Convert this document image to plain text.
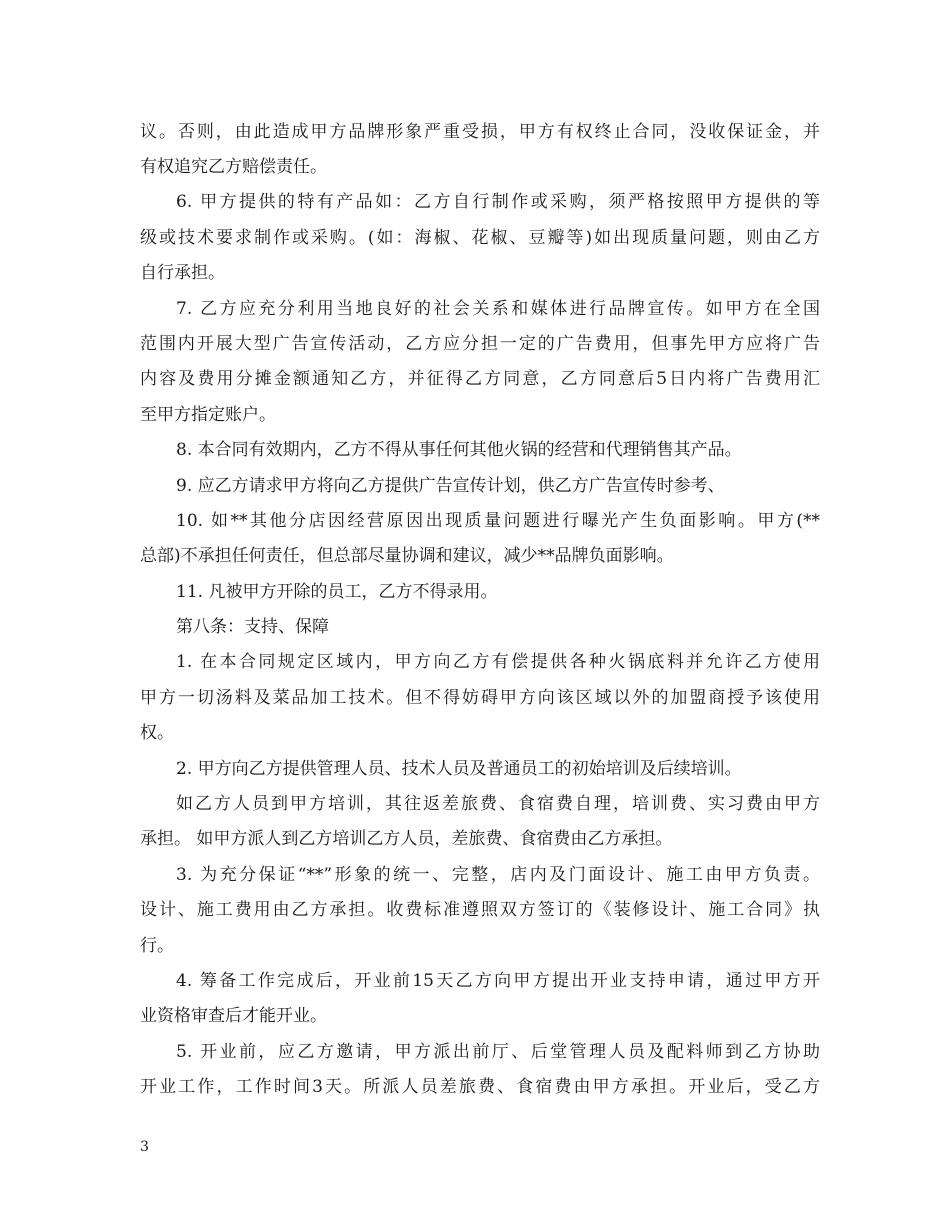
议。否则，由此造成甲方品牌形象严重受损，甲方有权终止合同，没收保证金，并
有权追究乙方赔偿责任。
6. 甲方提供的特有产品如：乙方自行制作或采购，须严格按照甲方提供的等
级或技术要求制作或采购。(如：海椒、花椒、豆瓣等)如出现质量问题，则由乙方
自行承担。
7. 乙方应充分利用当地良好的社会关系和媒体进行品牌宣传。如甲方在全国
范围内开展大型广告宣传活动，乙方应分担一定的广告费用，但事先甲方应将广告
内容及费用分摊金额通知乙方，并征得乙方同意，乙方同意后5日内将广告费用汇
至甲方指定账户。
8. 本合同有效期内，乙方不得从事任何其他火锅的经营和代理销售其产品。
9. 应乙方请求甲方将向乙方提供广告宣传计划，供乙方广告宣传时参考、
10. 如**其他分店因经营原因出现质量问题进行曝光产生负面影响。甲方(**
总部)不承担任何责任，但总部尽量协调和建议，减少**品牌负面影响。
11. 凡被甲方开除的员工，乙方不得录用。
第八条：支持、保障
1. 在本合同规定区域内，甲方向乙方有偿提供各种火锅底料并允许乙方使用
甲方一切汤料及菜品加工技术。但不得妨碍甲方向该区域以外的加盟商授予该使用
权。
2. 甲方向乙方提供管理人员、技术人员及普通员工的初始培训及后续培训。
如乙方人员到甲方培训，其往返差旅费、食宿费自理，培训费、实习费由甲方
承担。 如甲方派人到乙方培训乙方人员，差旅费、食宿费由乙方承担。
3. 为充分保证“**”形象的统一、完整，店内及门面设计、施工由甲方负责。
设计、施工费用由乙方承担。收费标准遵照双方签订的《装修设计、施工合同》执
行。
4. 筹备工作完成后，开业前15天乙方向甲方提出开业支持申请，通过甲方开
业资格审查后才能开业。
5. 开业前，应乙方邀请，甲方派出前厅、后堂管理人员及配料师到乙方协助
开业工作，工作时间3天。所派人员差旅费、食宿费由甲方承担。开业后，受乙方
3
